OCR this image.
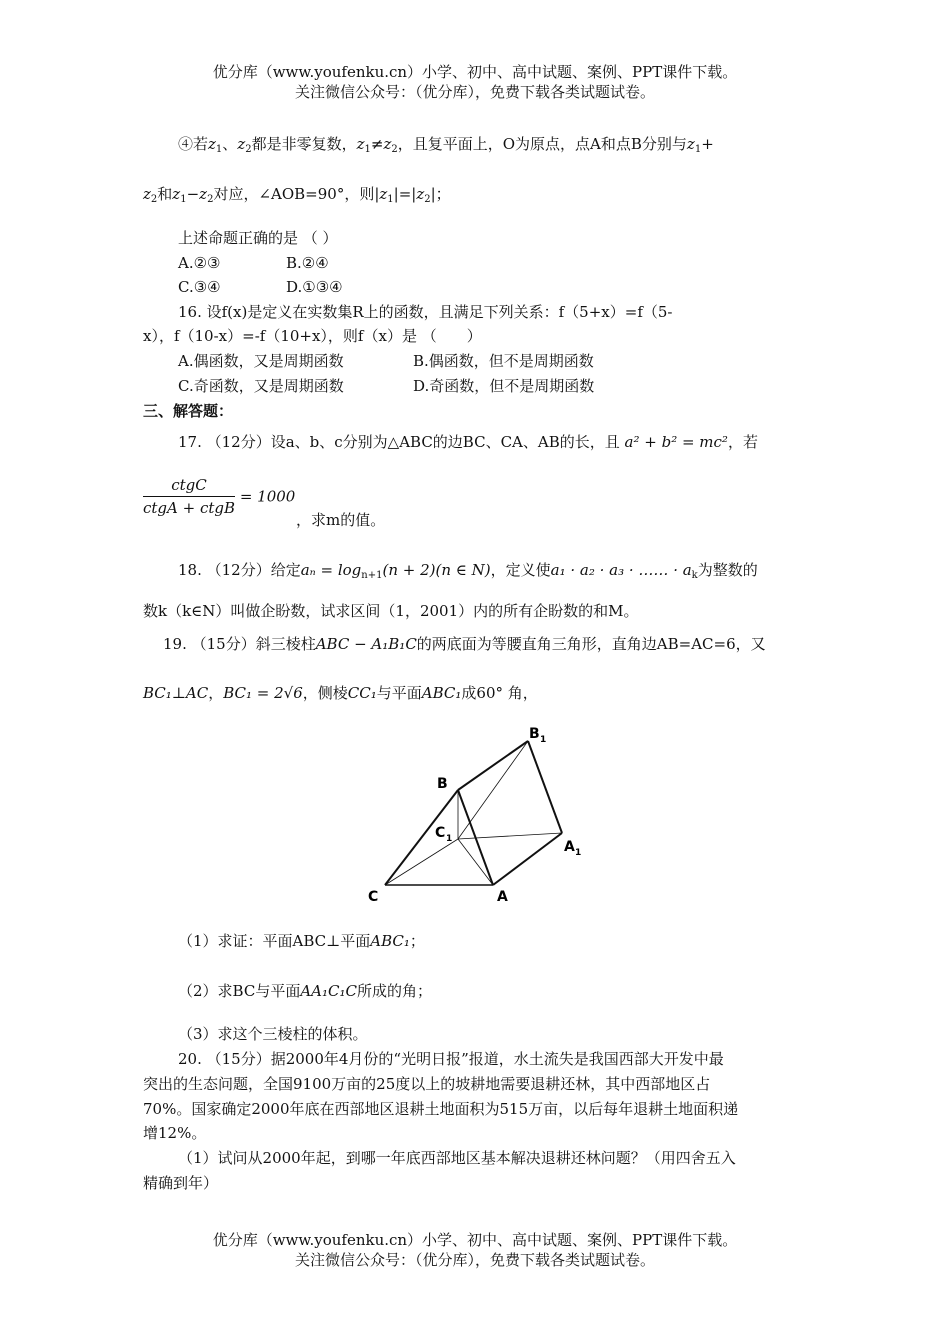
优分库（www.youfenku.cn）小学、初中、高中试题、案例、PPT课件下载。
关注微信公众号：（优分库），免费下载各类试题试卷。
④若$z_1$、$z_2$都是非零复数，$z_1\ne z_2$，且复平面上，O为原点，点A和点B分别与$z_1+$
$z_2$和$z_1-z_2$对应，∠AOB=90°，则$|z_1|=|z_2|$；
上述命题正确的是 （ ）
A.②③	B.②④
C.③④	D.①③④
16. 设f(x)是定义在实数集R上的函数，且满足下列关系：f（5+x）=f（5-
x），f（10-x）=-f（10+x），则f（x）是 （　　）
A.偶函数，又是周期函数	B.偶函数，但不是周期函数
C.奇函数，又是周期函数	D.奇函数，但不是周期函数
三、解答题：
17. （12分）设a、b、c分别为△ABC的边BC、CA、AB的长，且 a² + b² = mc²，若
$\frac{\text{ctgC}}{\text{ctgA + ctgB}} = 1000$
，求m的值。
18. （12分）给定$a_n = \log_{n+1}(n + 2)(n$ ∈ N)，定义使a₁ · a₂ · a₃ · …… · $a_k$为整数的
数k（k∈N）叫做企盼数，试求区间（1，2001）内的所有企盼数的和M。
19. （15分）斜三棱柱ABC − A₁B₁C的两底面为等腰直角三角形，直角边AB=AC=6，又
BC₁⊥AC，BC₁ = 2√6，侧棱CC₁与平面ABC₁成60° 角，
B 1
B
C 1	A 1
C	A
（1）求证：平面ABC⊥平面ABC₁；
（2）求BC与平面AA₁C₁C所成的角；
（3）求这个三棱柱的体积。
20. （15分）据2000年4月份的“光明日报”报道，水土流失是我国西部大开发中最
突出的生态问题，全国9100万亩的25度以上的坡耕地需要退耕还林，其中西部地区占
70%。国家确定2000年底在西部地区退耕土地面积为515万亩，以后每年退耕土地面积递
增12%。
（1）试问从2000年起，到哪一年底西部地区基本解决退耕还林问题？（用四舍五入
精确到年）
优分库（www.youfenku.cn）小学、初中、高中试题、案例、PPT课件下载。
关注微信公众号：（优分库），免费下载各类试题试卷。
